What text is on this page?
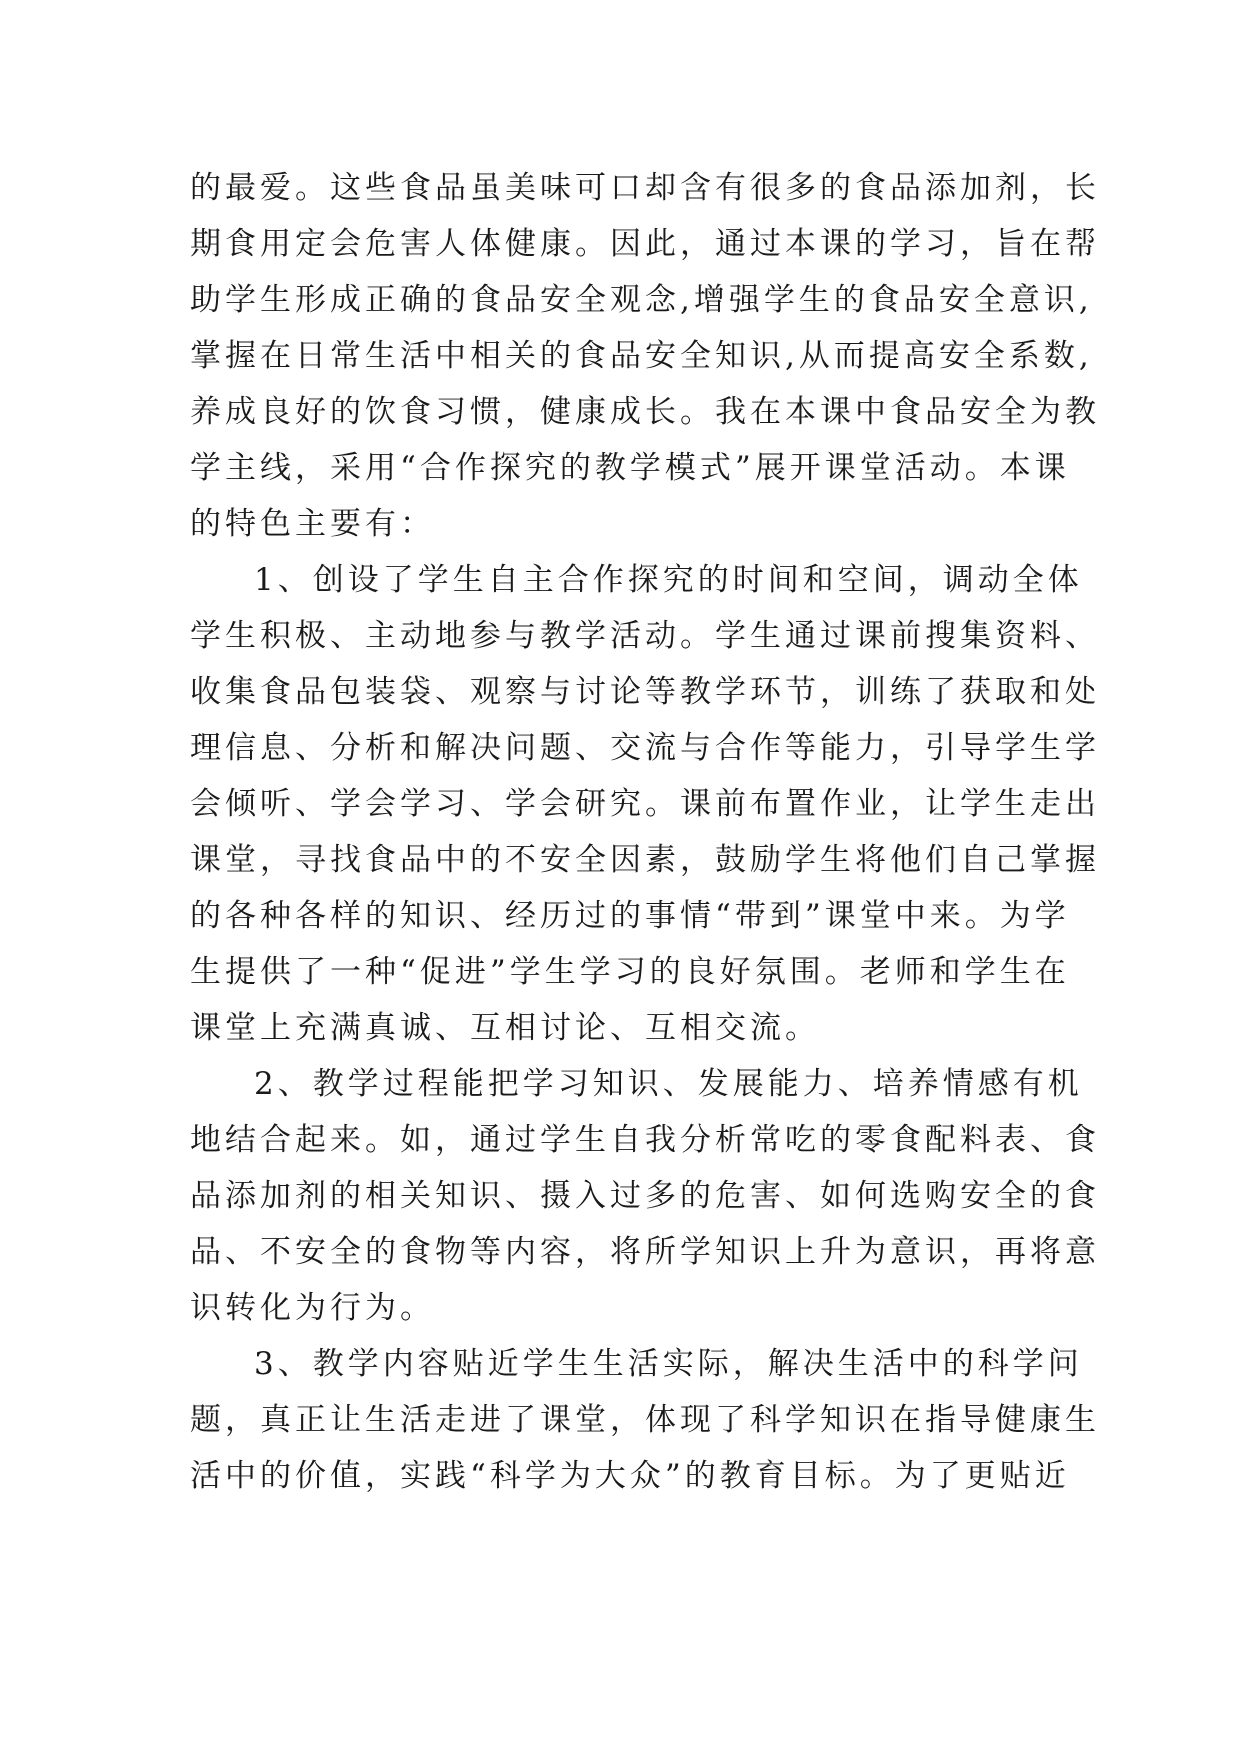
的最爱。这些食品虽美味可口却含有很多的食品添加剂，长
期食用定会危害人体健康。因此，通过本课的学习，旨在帮
助学生形成正确的食品安全观念,增强学生的食品安全意识,
掌握在日常生活中相关的食品安全知识,从而提高安全系数,
养成良好的饮食习惯，健康成长。我在本课中食品安全为教
学主线，采用“合作探究的教学模式”展开课堂活动。本课
的特色主要有：
1、创设了学生自主合作探究的时间和空间，调动全体
学生积极、主动地参与教学活动。学生通过课前搜集资料、
收集食品包装袋、观察与讨论等教学环节，训练了获取和处
理信息、分析和解决问题、交流与合作等能力，引导学生学
会倾听、学会学习、学会研究。课前布置作业，让学生走出
课堂，寻找食品中的不安全因素，鼓励学生将他们自己掌握
的各种各样的知识、经历过的事情“带到”课堂中来。为学
生提供了一种“促进”学生学习的良好氛围。老师和学生在
课堂上充满真诚、互相讨论、互相交流。
2、教学过程能把学习知识、发展能力、培养情感有机
地结合起来。如，通过学生自我分析常吃的零食配料表、食
品添加剂的相关知识、摄入过多的危害、如何选购安全的食
品、不安全的食物等内容，将所学知识上升为意识，再将意
识转化为行为。
3、教学内容贴近学生生活实际，解决生活中的科学问
题，真正让生活走进了课堂，体现了科学知识在指导健康生
活中的价值，实践“科学为大众”的教育目标。为了更贴近
